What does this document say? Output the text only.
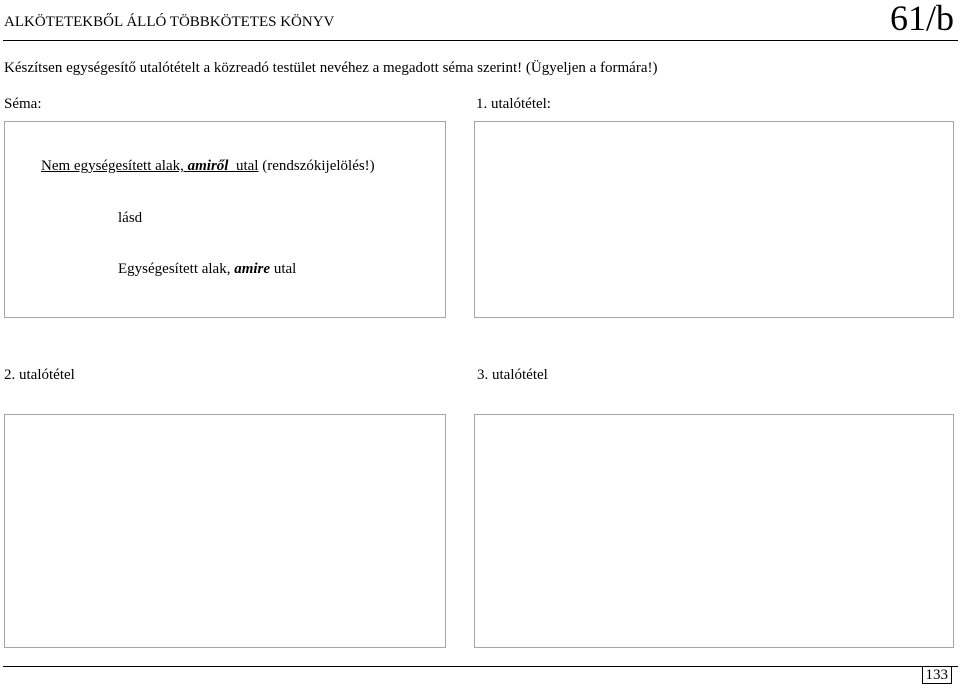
ALKÖTETEKBŐL ÁLLÓ TÖBBKÖTETES KÖNYV	61/b
Készítsen egységesítő utalótételt a közreadó testület nevéhez a megadott séma szerint! (Ügyeljen a formára!)
Séma:
Nem egységesített alak, amiről  utal (rendszókijelölés!)
lásd
Egységesített alak, amire utal
1. utalótétel:
2. utalótétel	3. utalótétel
133
